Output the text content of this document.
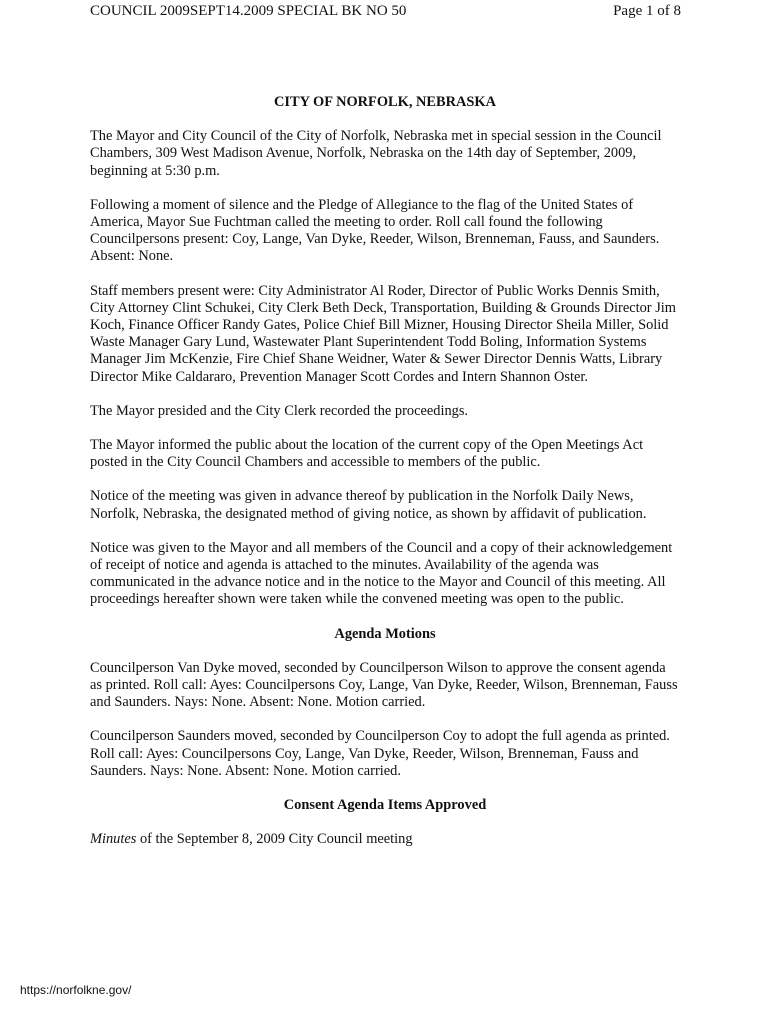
COUNCIL 2009SEPT14.2009 SPECIAL BK NO 50	Page 1 of 8
CITY OF NORFOLK, NEBRASKA

The Mayor and City Council of the City of Norfolk, Nebraska met in special session in the Council Chambers, 309 West Madison Avenue, Norfolk, Nebraska on the 14th day of September, 2009, beginning at 5:30 p.m.

Following a moment of silence and the Pledge of Allegiance to the flag of the United States of America, Mayor Sue Fuchtman called the meeting to order. Roll call found the following Councilpersons present: Coy, Lange, Van Dyke, Reeder, Wilson, Brenneman, Fauss, and Saunders. Absent: None.

Staff members present were: City Administrator Al Roder, Director of Public Works Dennis Smith, City Attorney Clint Schukei, City Clerk Beth Deck, Transportation, Building & Grounds Director Jim Koch, Finance Officer Randy Gates, Police Chief Bill Mizner, Housing Director Sheila Miller, Solid Waste Manager Gary Lund, Wastewater Plant Superintendent Todd Boling, Information Systems Manager Jim McKenzie, Fire Chief Shane Weidner, Water & Sewer Director Dennis Watts, Library Director Mike Caldararo, Prevention Manager Scott Cordes and Intern Shannon Oster.

The Mayor presided and the City Clerk recorded the proceedings.

The Mayor informed the public about the location of the current copy of the Open Meetings Act posted in the City Council Chambers and accessible to members of the public.

Notice of the meeting was given in advance thereof by publication in the Norfolk Daily News, Norfolk, Nebraska, the designated method of giving notice, as shown by affidavit of publication.

Notice was given to the Mayor and all members of the Council and a copy of their acknowledgement of receipt of notice and agenda is attached to the minutes. Availability of the agenda was communicated in the advance notice and in the notice to the Mayor and Council of this meeting. All proceedings hereafter shown were taken while the convened meeting was open to the public.

Agenda Motions

Councilperson Van Dyke moved, seconded by Councilperson Wilson to approve the consent agenda as printed. Roll call: Ayes: Councilpersons Coy, Lange, Van Dyke, Reeder, Wilson, Brenneman, Fauss and Saunders. Nays: None. Absent: None. Motion carried.

Councilperson Saunders moved, seconded by Councilperson Coy to adopt the full agenda as printed. Roll call: Ayes: Councilpersons Coy, Lange, Van Dyke, Reeder, Wilson, Brenneman, Fauss and Saunders. Nays: None. Absent: None. Motion carried.

Consent Agenda Items Approved

Minutes of the September 8, 2009 City Council meeting

https://norfolkne.gov/
